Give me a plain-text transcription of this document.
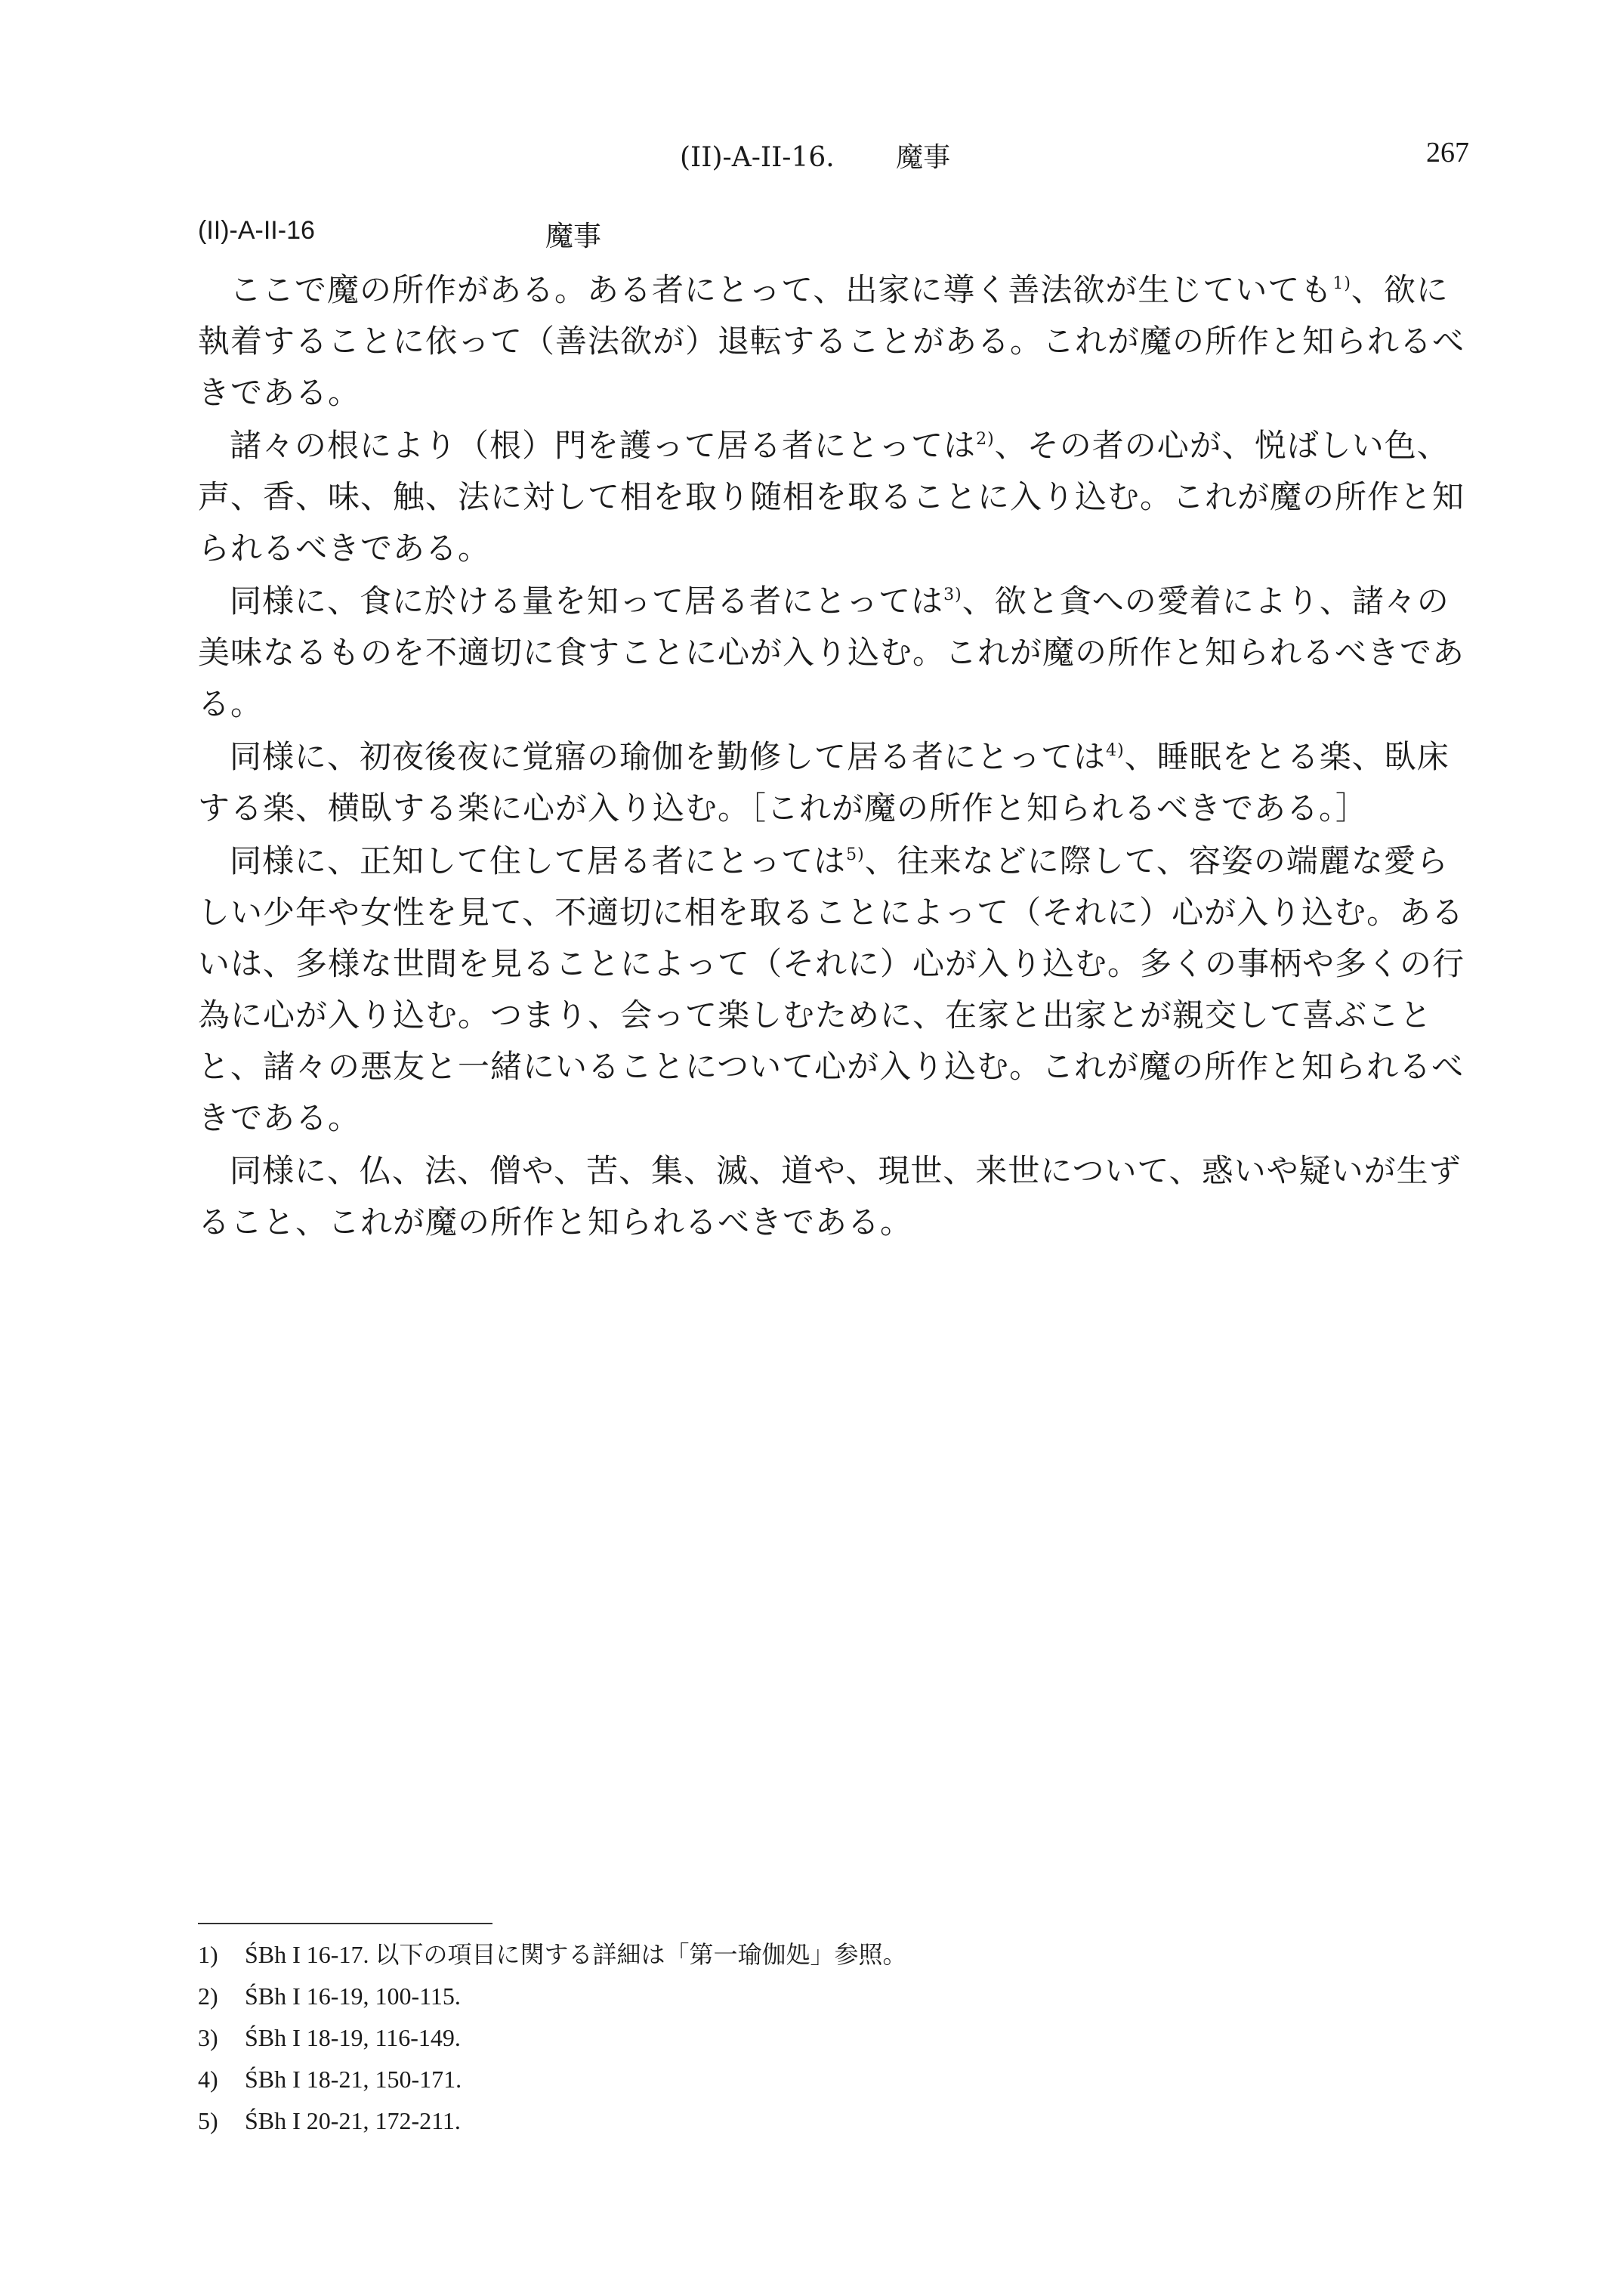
(II)-A-II-16. 魔事	267
(II)-A-II-16	魔事

ここで魔の所作がある。ある者にとって、出家に導く善法欲が生じていても$^{1)}$、欲に執着することに依って（善法欲が）退転することがある。これが魔の所作と知られるべきである。

諸々の根により（根）門を護って居る者にとっては$^{2)}$、その者の心が、悦ばしい色、声、香、味、触、法に対して相を取り随相を取ることに入り込む。これが魔の所作と知られるべきである。

同様に、食に於ける量を知って居る者にとっては$^{3)}$、欲と貪への愛着により、諸々の美味なるものを不適切に食すことに心が入り込む。これが魔の所作と知られるべきである。

同様に、初夜後夜に覚寤の瑜伽を勤修して居る者にとっては$^{4)}$、睡眠をとる楽、臥床する楽、横臥する楽に心が入り込む。［これが魔の所作と知られるべきである。］

同様に、正知して住して居る者にとっては$^{5)}$、往来などに際して、容姿の端麗な愛らしい少年や女性を見て、不適切に相を取ることによって（それに）心が入り込む。あるいは、多様な世間を見ることによって（それに）心が入り込む。多くの事柄や多くの行為に心が入り込む。つまり、会って楽しむために、在家と出家とが親交して喜ぶことと、諸々の悪友と一緒にいることについて心が入り込む。これが魔の所作と知られるべきである。

同様に、仏、法、僧や、苦、集、滅、道や、現世、来世について、惑いや疑いが生ずること、これが魔の所作と知られるべきである。

1) ŚBh I 16-17. 以下の項目に関する詳細は「第一瑜伽処」参照。
2) ŚBh I 16-19, 100-115.
3) ŚBh I 18-19, 116-149.
4) ŚBh I 18-21, 150-171.
5) ŚBh I 20-21, 172-211.
